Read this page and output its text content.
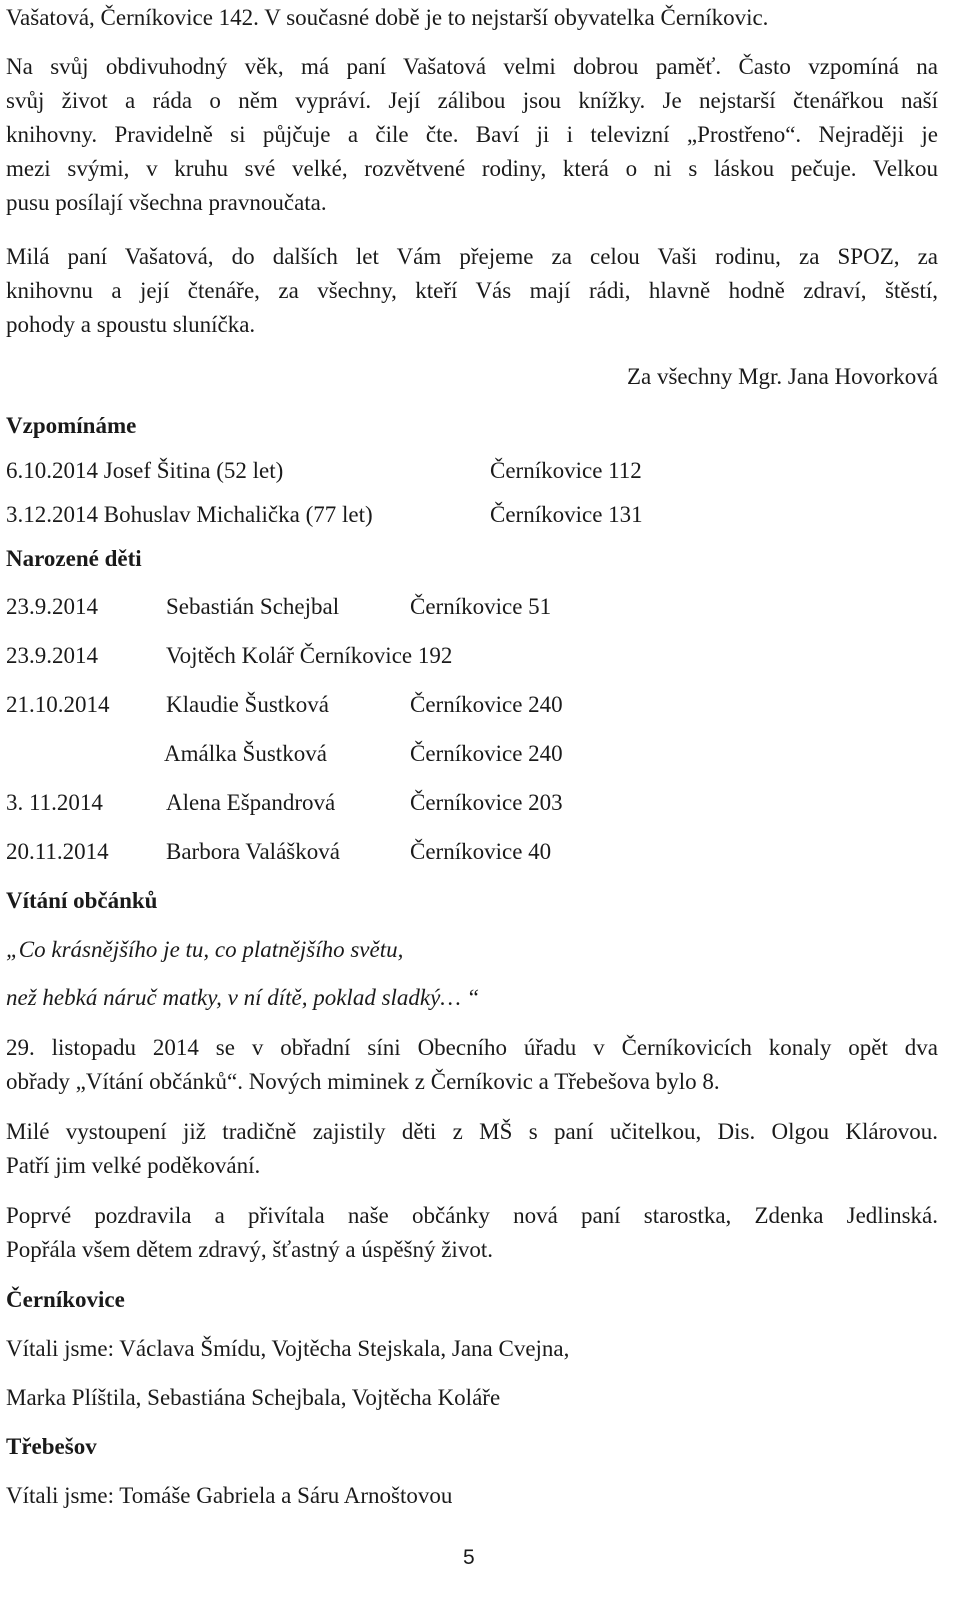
Vašatová, Černíkovice 142. V současné době je to nejstarší obyvatelka Černíkovic.
Na svůj obdivuhodný věk, má paní Vašatová velmi dobrou paměť. Často vzpomíná na
svůj život a ráda o něm vypráví. Její zálibou jsou knížky. Je nejstarší čtenářkou naší
knihovny. Pravidelně si půjčuje a čile čte. Baví ji i televizní „Prostřeno“. Nejraději je
mezi svými, v kruhu své velké, rozvětvené rodiny, která o ni s láskou pečuje. Velkou
pusu posílají všechna pravnoučata.
Milá paní Vašatová, do dalších let Vám přejeme za celou Vaši rodinu, za SPOZ, za
knihovnu a její čtenáře, za všechny, kteří Vás mají rádi, hlavně hodně zdraví, štěstí,
pohody a spoustu sluníčka.
Za všechny Mgr. Jana Hovorková
Vzpomínáme
6.10.2014 Josef Šitina (52 let)	Černíkovice 112
3.12.2014 Bohuslav Michalička (77 let)	Černíkovice 131
Narozené děti
23.9.2014	Sebastián Schejbal	Černíkovice 51
23.9.2014	Vojtěch Kolář Černíkovice 192
21.10.2014 Klaudie Šustková	Černíkovice 240
Amálka Šustková	Černíkovice 240
3. 11.2014	Alena Ešpandrová	Černíkovice 203
20.11.2014 Barbora Valášková	Černíkovice 40
Vítání občánků
„Co krásnějšího je tu, co platnějšího světu,
než hebká náruč matky, v ní dítě, poklad sladký… “
29. listopadu 2014 se v obřadní síni Obecního úřadu v Černíkovicích konaly opět dva
obřady „Vítání občánků“. Nových miminek z Černíkovic a Třebešova bylo 8.
Milé vystoupení již tradičně zajistily děti z MŠ s paní učitelkou, Dis. Olgou Klárovou.
Patří jim velké poděkování.
Poprvé pozdravila a přivítala naše občánky nová paní starostka, Zdenka Jedlinská.
Popřála všem dětem zdravý, šťastný a úspěšný život.
Černíkovice
Vítali jsme: Václava Šmídu, Vojtěcha Stejskala, Jana Cvejna,
Marka Plíštila, Sebastiána Schejbala, Vojtěcha Koláře
Třebešov
Vítali jsme: Tomáše Gabriela a Sáru Arnoštovou
5
